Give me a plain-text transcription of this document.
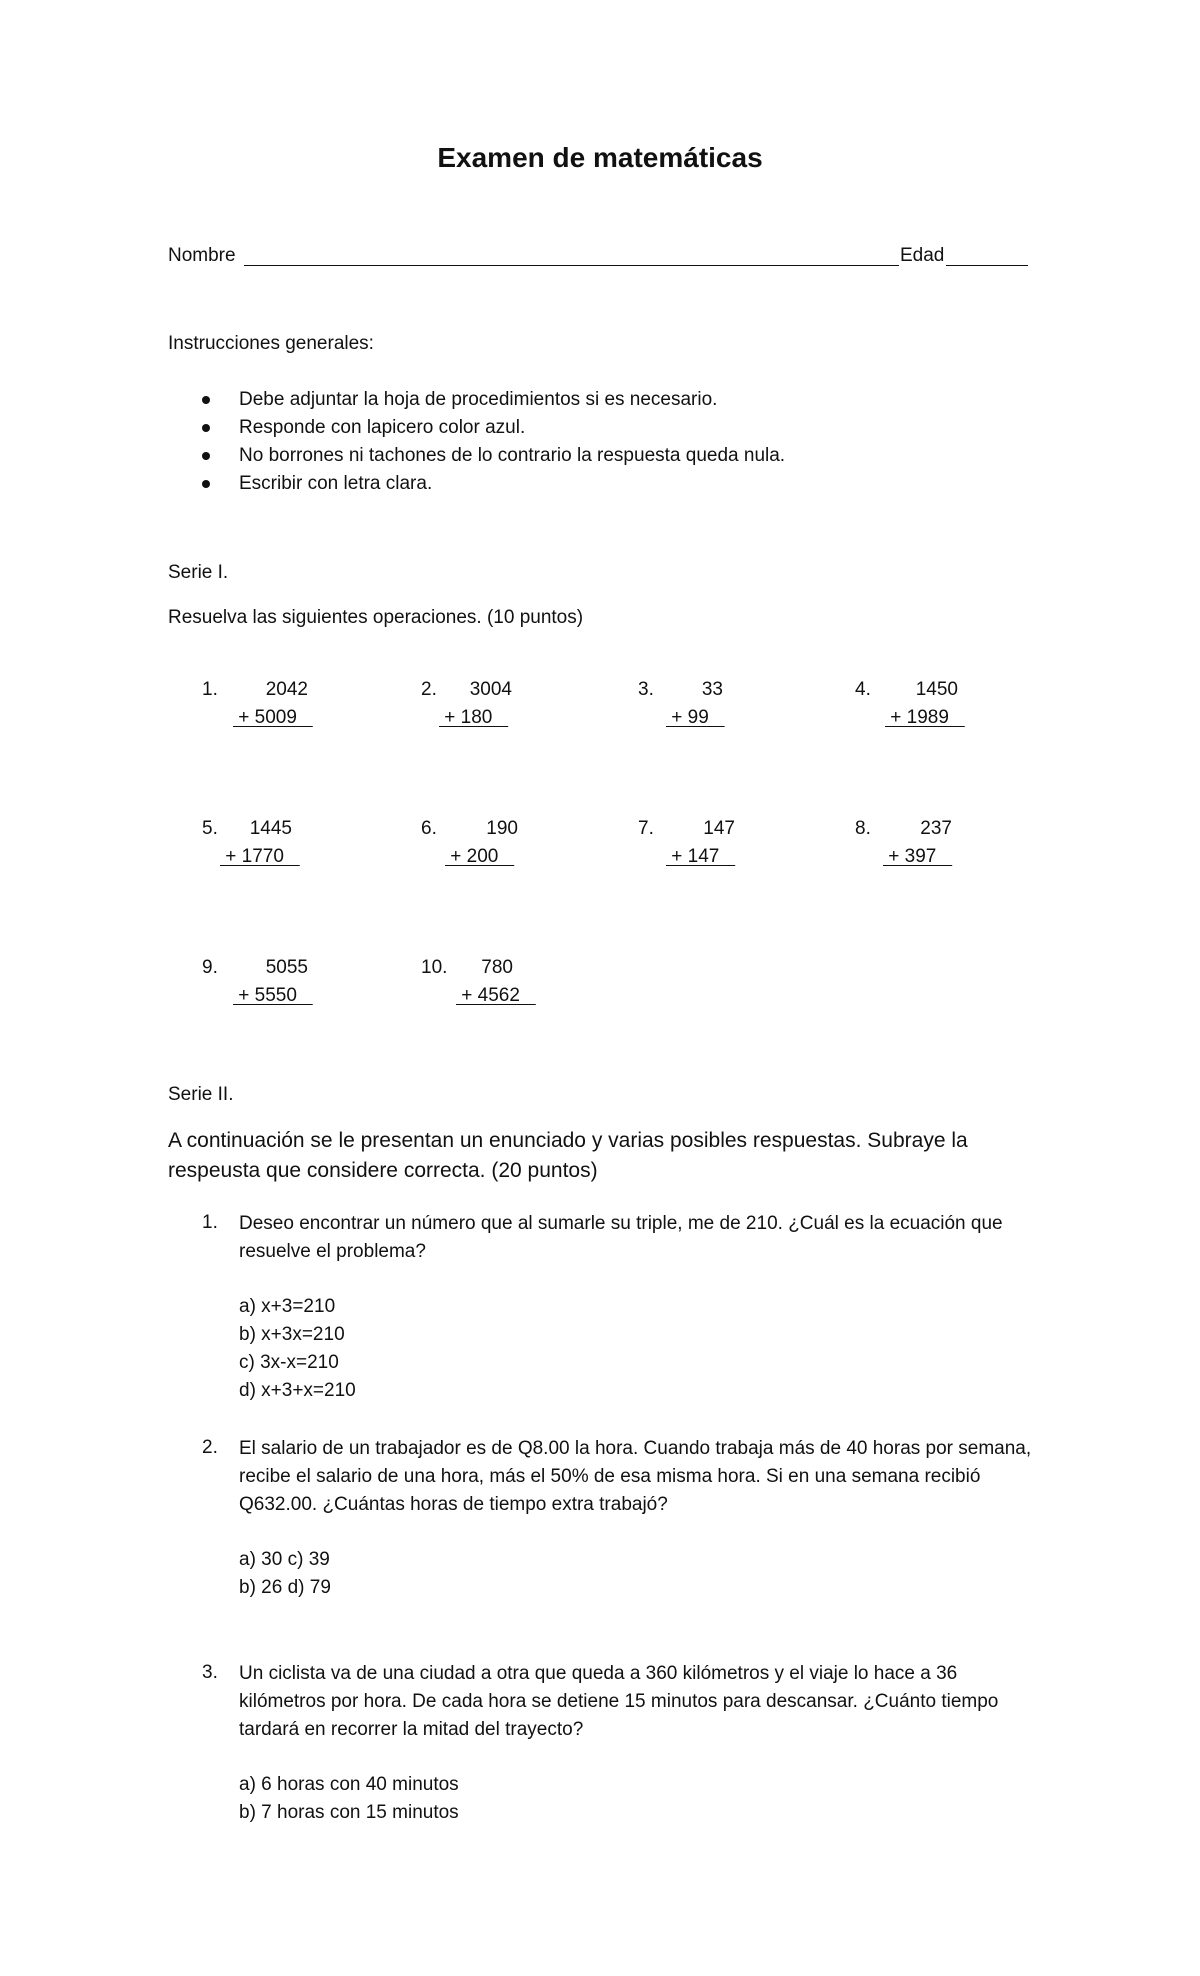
Examen de matemáticas
Nombre	Edad
Instrucciones generales:
Debe adjuntar la hoja de procedimientos si es necesario.
Responde con lapicero color azul.
No borrones ni tachones de lo contrario la respuesta queda nula.
Escribir con letra clara.
Serie I.
Resuelva las siguientes operaciones. (10 puntos)
1.	2042
+ 5009
2.	3004
+ 180
3.	33
+ 99
4.	1450
+ 1989
5.	1445
+ 1770
6.	190
+ 200
7.	147
+ 147
8.	237
+ 397
9.	5055
+ 5550
10.	780
+ 4562
Serie II.
A continuación se le presentan un enunciado y varias posibles respuestas. Subraye la respeusta que considere correcta. (20 puntos)
1. Deseo encontrar un número que al sumarle su triple, me de 210. ¿Cuál es la ecuación que resuelve el problema?
a) x+3=210
b) x+3x=210
c) 3x-x=210
d) x+3+x=210
2. El salario de un trabajador es de Q8.00 la hora. Cuando trabaja más de 40 horas por semana, recibe el salario de una hora, más el 50% de esa misma hora. Si en una semana recibió Q632.00. ¿Cuántas horas de tiempo extra trabajó?
a) 30 c) 39
b) 26 d) 79
3. Un ciclista va de una ciudad a otra que queda a 360 kilómetros y el viaje lo hace a 36 kilómetros por hora. De cada hora se detiene 15 minutos para descansar. ¿Cuánto tiempo tardará en recorrer la mitad del trayecto?
a) 6 horas con 40 minutos
b) 7 horas con 15 minutos
